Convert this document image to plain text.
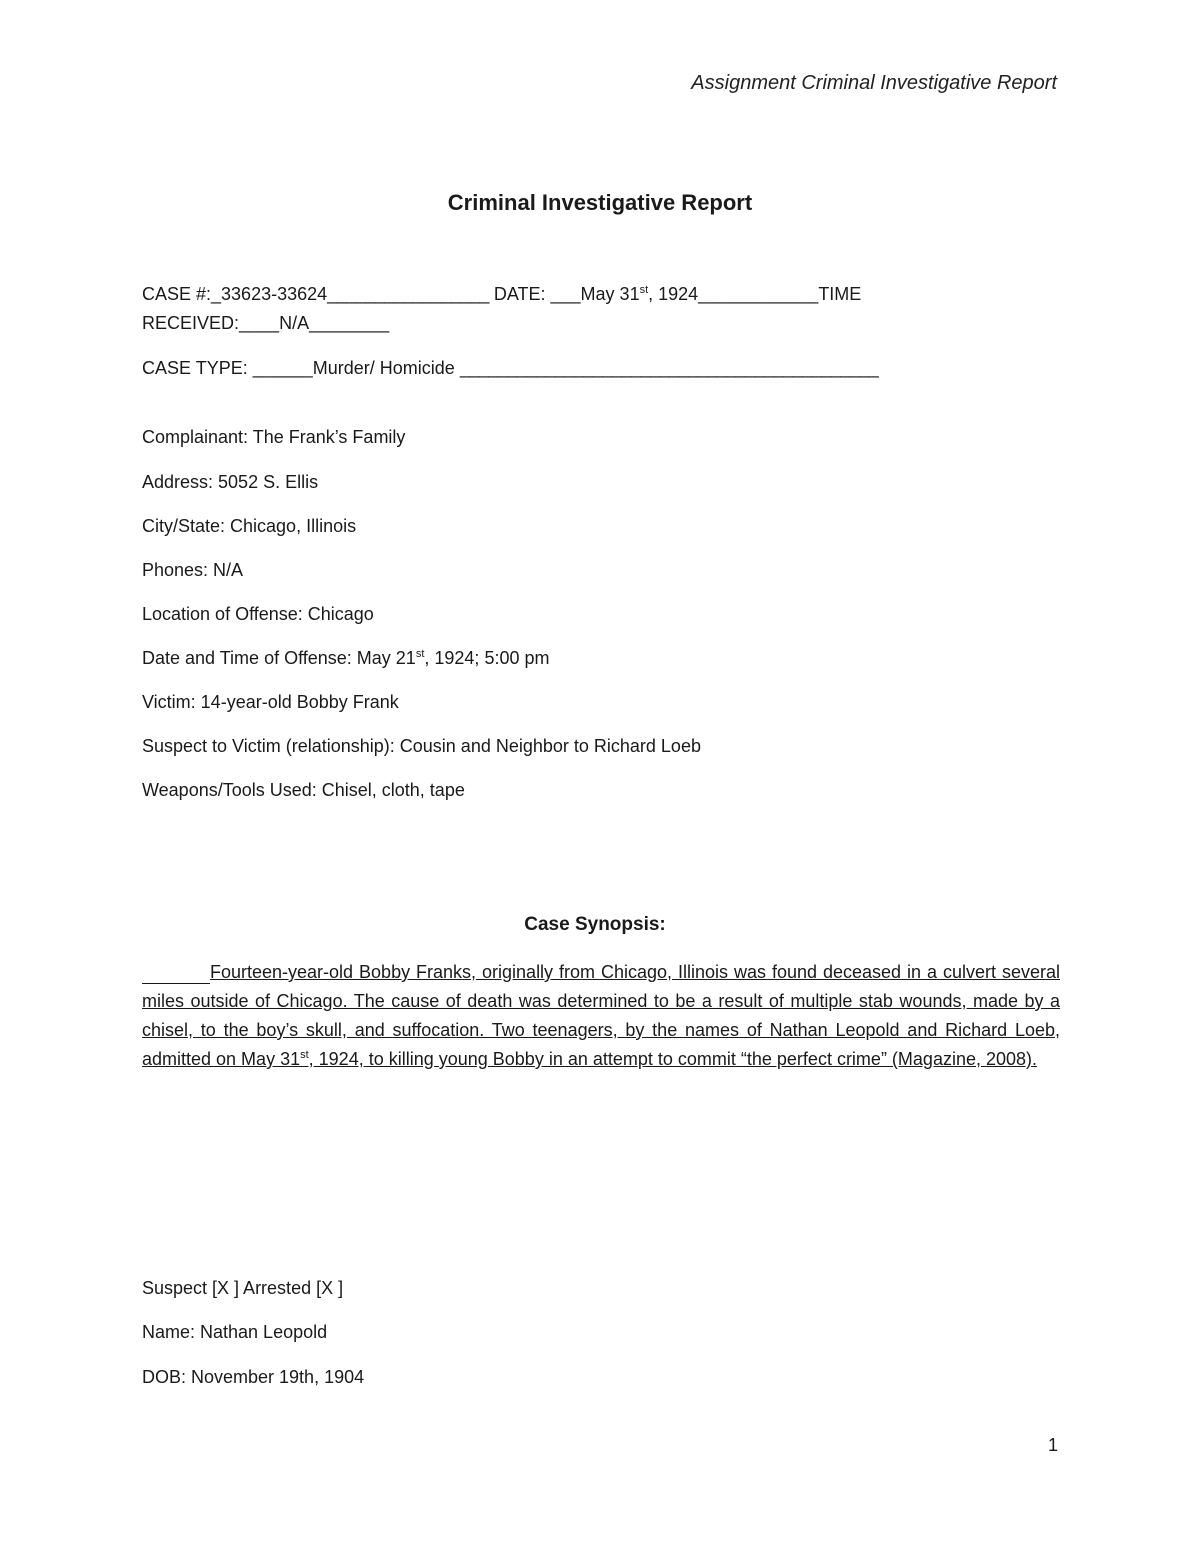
Assignment Criminal Investigative Report
Criminal Investigative Report
CASE #:_33623-33624_________________ DATE: ___May 31st, 1924____________TIME
RECEIVED:____N/A________
CASE TYPE: ______Murder/ Homicide ____________________________________________
Complainant: The Frank’s Family
Address: 5052 S. Ellis
City/State: Chicago, Illinois
Phones: N/A
Location of Offense: Chicago
Date and Time of Offense: May 21st, 1924; 5:00 pm
Victim: 14-year-old Bobby Frank
Suspect to Victim (relationship): Cousin and Neighbor to Richard Loeb
Weapons/Tools Used: Chisel, cloth, tape
Case Synopsis:
Fourteen-year-old Bobby Franks, originally from Chicago, Illinois was found deceased in a culvert several miles outside of Chicago. The cause of death was determined to be a result of multiple stab wounds, made by a chisel, to the boy’s skull, and suffocation. Two teenagers, by the names of Nathan Leopold and Richard Loeb, admitted on May 31st, 1924, to killing young Bobby in an attempt to commit “the perfect crime” (Magazine, 2008).
Suspect [X ] Arrested [X ]
Name: Nathan Leopold
DOB: November 19th, 1904
1
